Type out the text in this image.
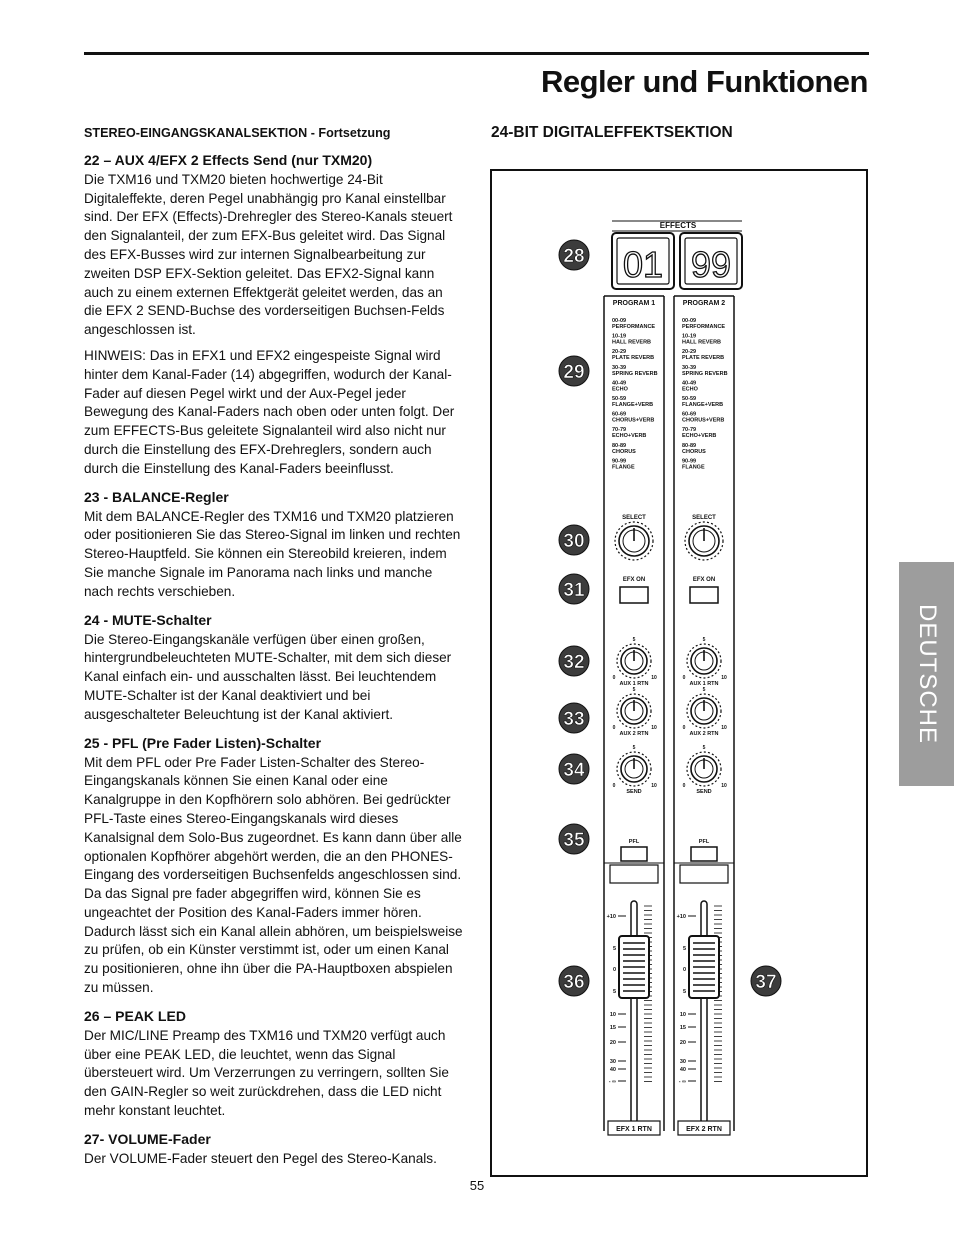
Regler und Funktionen
STEREO-EINGANGSKANALSEKTION - Fortsetzung
22 – AUX 4/EFX 2 Effects Send (nur TXM20)

Die TXM16 und TXM20 bieten hochwertige 24-Bit Digitaleffekte, deren Pegel unabhängig pro Kanal einstellbar sind. Der EFX (Effects)-Drehregler des Stereo-Kanals steuert den Signalanteil, der zum EFX-Bus geleitet wird. Das Signal des EFX-Busses wird zur internen Signalbearbeitung zur zweiten DSP EFX-Sektion geleitet. Das EFX2-Signal kann auch zu einem externen Effektgerät geleitet werden, das an die EFX 2 SEND-Buchse des vorderseitigen Buchsen-Felds angeschlossen ist.

HINWEIS: Das in EFX1 und EFX2 eingespeiste Signal wird hinter dem Kanal-Fader (14) abgegriffen, wodurch der Kanal-Fader auf diesen Pegel wirkt und der Aux-Pegel jeder Bewegung des Kanal-Faders nach oben oder unten folgt. Der zum EFFECTS-Bus geleitete Signalanteil wird also nicht nur durch die Einstellung des EFX-Drehreglers, sondern auch durch die Einstellung des Kanal-Faders beeinflusst.

23 - BALANCE-Regler

Mit dem BALANCE-Regler des TXM16 und TXM20 platzieren oder positionieren Sie das Stereo-Signal im linken und rechten Stereo-Hauptfeld. Sie können ein Stereobild kreieren, indem Sie manche Signale im Panorama nach links und manche nach rechts verschieben.

24 - MUTE-Schalter

Die Stereo-Eingangskanäle verfügen über einen großen, hintergrundbeleuchteten MUTE-Schalter, mit dem sich dieser Kanal einfach ein- und ausschalten lässt. Bei leuchtendem MUTE-Schalter ist der Kanal deaktiviert und bei ausgeschalteter Beleuchtung ist der Kanal aktiviert.

25 - PFL (Pre Fader Listen)-Schalter

Mit dem PFL oder Pre Fader Listen-Schalter des Stereo-Eingangskanals können Sie einen Kanal oder eine Kanalgruppe in den Kopfhörern solo abhören. Bei gedrückter PFL-Taste eines Stereo-Eingangskanals wird dieses Kanalsignal dem Solo-Bus zugeordnet. Es kann dann über alle optionalen Kopfhörer abgehört werden, die an den PHONES-Eingang des vorderseitigen Buchsenfelds angeschlossen sind. Da das Signal pre fader abgegriffen wird, können Sie es ungeachtet der Position des Kanal-Faders immer hören. Dadurch lässt sich ein Kanal allein abhören, um beispielsweise zu prüfen, ob ein Künster verstimmt ist, oder um einen Kanal zu positionieren, ohne ihn über die PA-Hauptboxen abspielen zu müssen.

26 – PEAK LED

Der MIC/LINE Preamp des TXM16 und TXM20 verfügt auch über eine PEAK LED, die leuchtet, wenn das Signal übersteuert wird. Um Verzerrungen zu verringern, sollten Sie den GAIN-Regler so weit zurückdrehen, dass die LED nicht mehr konstant leuchtet.

27- VOLUME-Fader

Der VOLUME-Fader steuert den Pegel des Stereo-Kanals.

24-BIT DIGITALEFFEKTSEKTION
EFFECTS
01 99
PROGRAM 1
00-09
PERFORMANCE
10-19
HALL REVERB
20-29
PLATE REVERB
30-39
SPRING REVERB
40-49
ECHO
50-59
FLANGE+VERB
60-69
CHORUS+VERB
70-79
ECHO+VERB
80-89
CHORUS
90-99
FLANGE
PROGRAM 2
00-09
PERFORMANCE
10-19
HALL REVERB
20-29
PLATE REVERB
30-39
SPRING REVERB
40-49
ECHO
50-59
FLANGE+VERB
60-69
CHORUS+VERB
70-79
ECHO+VERB
80-89
CHORUS
90-99
FLANGE
SELECT
EFX ON
5
0	10
AUX 1 RTN
5
0	10
AUX 2 RTN
5
0	10
SEND
PFL
+10
5
0
5
10
15
20
30
40
- ∞
EFX 1 RTN
SELECT
EFX ON
5
0	10
AUX 1 RTN
5
0	10
AUX 2 RTN
5
0	10
SEND
PFL
+10
5
0
5
10
15
20
30
40
- ∞
EFX 2 RTN
28
29
30
31
32
33
34
35
36	37
DEUTSCHE
55
